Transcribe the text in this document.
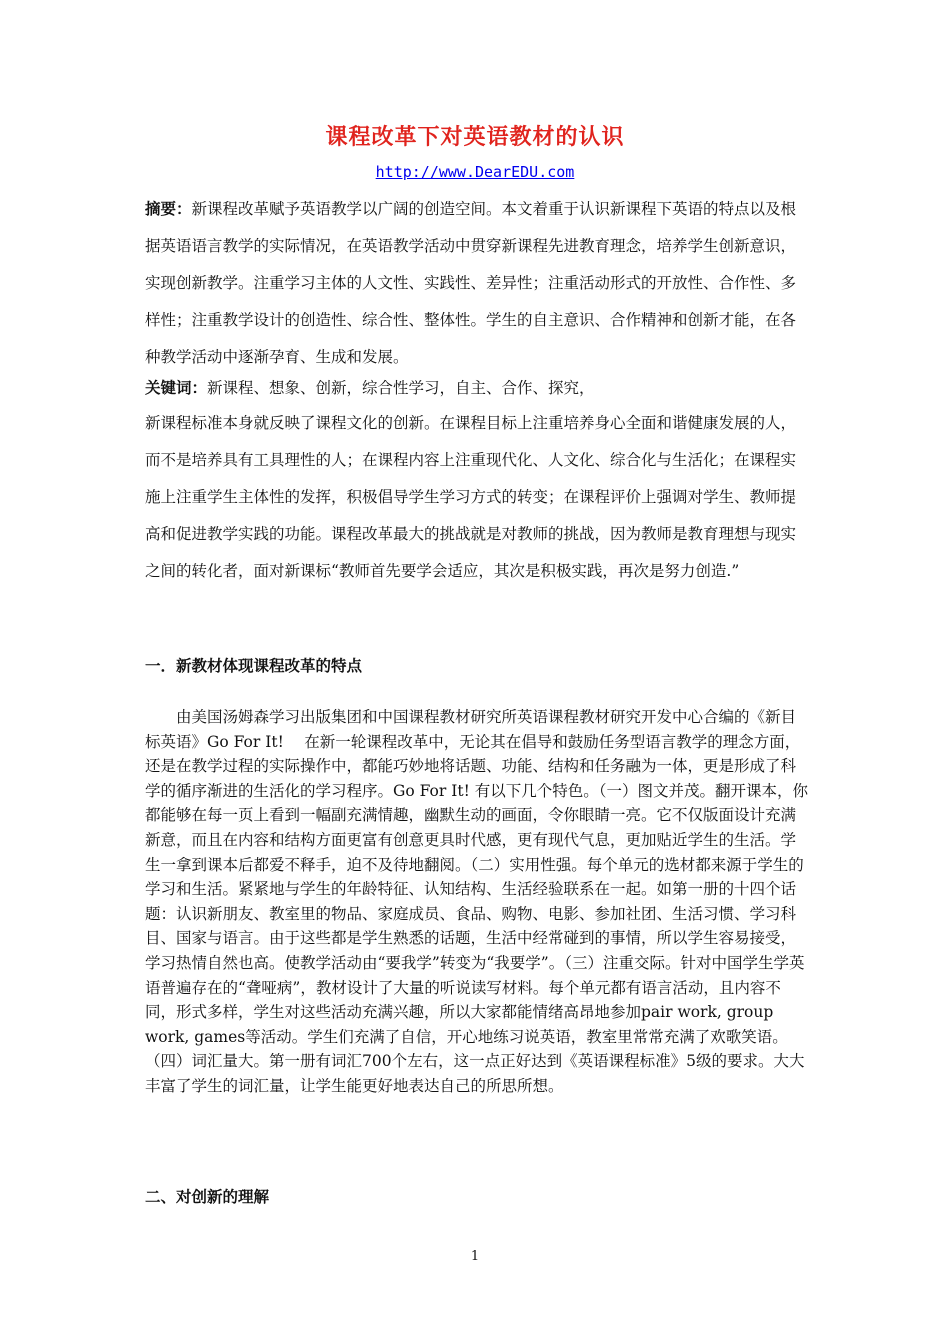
课程改革下对英语教材的认识
http://www.DearEDU.com
摘要：新课程改革赋予英语教学以广阔的创造空间。本文着重于认识新课程下英语的特点以及根据英语语言教学的实际情况，在英语教学活动中贯穿新课程先进教育理念，培养学生创新意识，实现创新教学。注重学习主体的人文性、实践性、差异性；注重活动形式的开放性、合作性、多样性；注重教学设计的创造性、综合性、整体性。学生的自主意识、合作精神和创新才能，在各种教学活动中逐渐孕育、生成和发展。
关键词：新课程、想象、创新，综合性学习，自主、合作、探究，

新课程标准本身就反映了课程文化的创新。在课程目标上注重培养身心全面和谐健康发展的人，而不是培养具有工具理性的人；在课程内容上注重现代化、人文化、综合化与生活化；在课程实施上注重学生主体性的发挥，积极倡导学生学习方式的转变；在课程评价上强调对学生、教师提高和促进教学实践的功能。课程改革最大的挑战就是对教师的挑战，因为教师是教育理想与现实之间的转化者，面对新课标“教师首先要学会适应，其次是积极实践，再次是努力创造.”

一．新教材体现课程改革的特点

由美国汤姆森学习出版集团和中国课程教材研究所英语课程教材研究开发中心合编的《新目标英语》Go For It!　 在新一轮课程改革中，无论其在倡导和鼓励任务型语言教学的理念方面，还是在教学过程的实际操作中，都能巧妙地将话题、功能、结构和任务融为一体，更是形成了科学的循序渐进的生活化的学习程序。Go For It! 有以下几个特色。（一）图文并茂。翻开课本，你都能够在每一页上看到一幅副充满情趣，幽默生动的画面，令你眼睛一亮。它不仅版面设计充满新意，而且在内容和结构方面更富有创意更具时代感，更有现代气息，更加贴近学生的生活。学生一拿到课本后都爱不释手，迫不及待地翻阅。（二）实用性强。每个单元的选材都来源于学生的学习和生活。紧紧地与学生的年龄特征、认知结构、生活经验联系在一起。如第一册的十四个话题：认识新朋友、教室里的物品、家庭成员、食品、购物、电影、参加社团、生活习惯、学习科目、国家与语言。由于这些都是学生熟悉的话题，生活中经常碰到的事情，所以学生容易接受，学习热情自然也高。使教学活动由“要我学”转变为“我要学”。（三）注重交际。针对中国学生学英语普遍存在的“聋哑病”，教材设计了大量的听说读写材料。每个单元都有语言活动，且内容不同，形式多样，学生对这些活动充满兴趣，所以大家都能情绪高昂地参加pair work, group work, games等活动。学生们充满了自信，开心地练习说英语，教室里常常充满了欢歌笑语。（四）词汇量大。第一册有词汇700个左右，这一点正好达到《英语课程标准》5级的要求。大大丰富了学生的词汇量，让学生能更好地表达自己的所思所想。

二、对创新的理解
1
